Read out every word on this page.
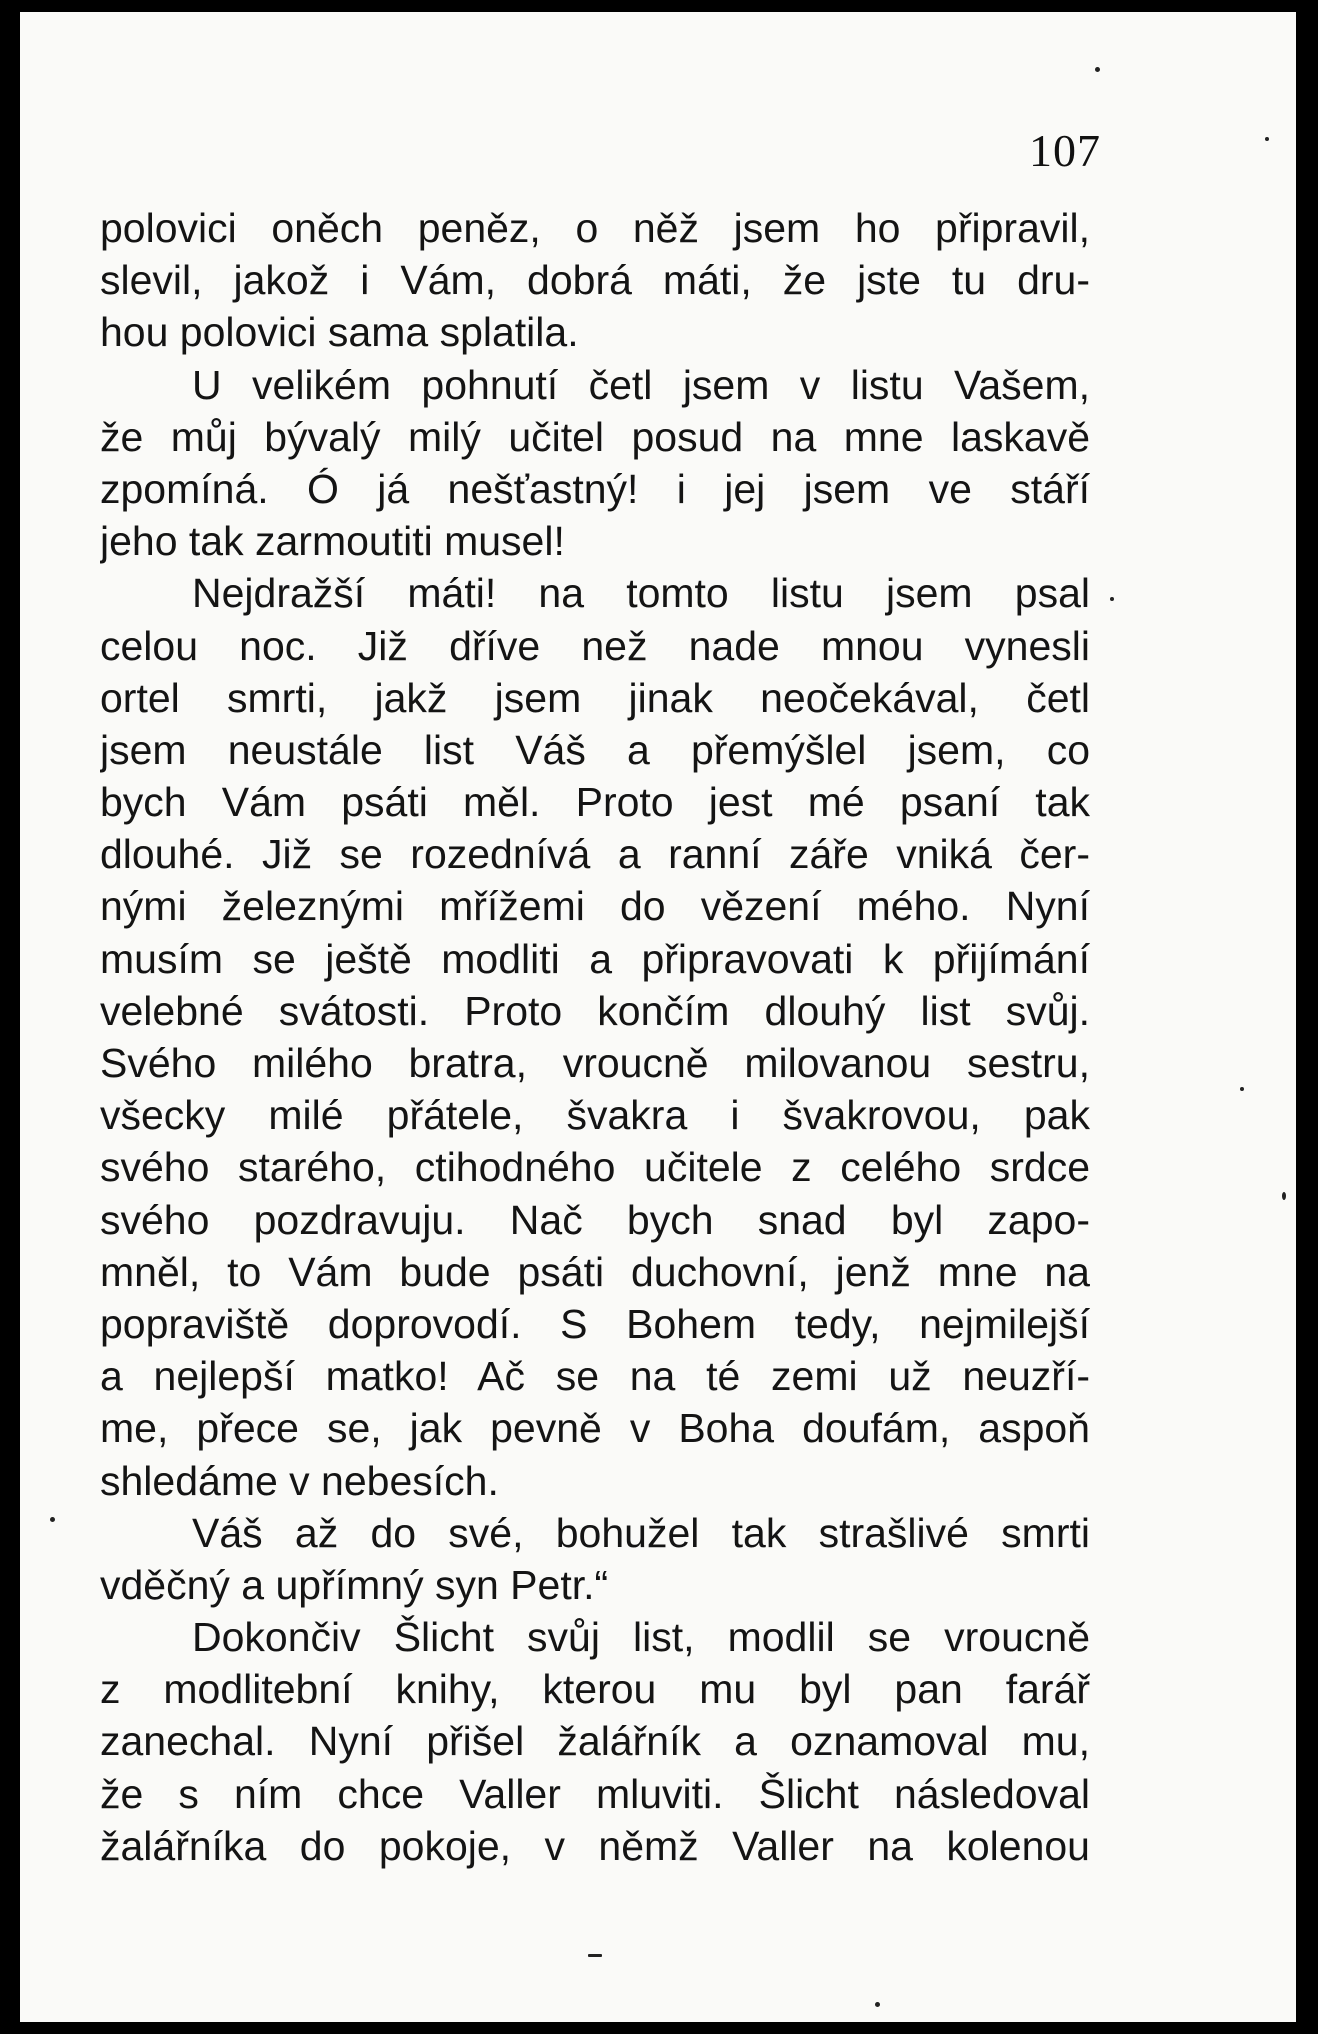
107
polovici oněch peněz, o něž jsem ho připravil,
slevil, jakož i Vám, dobrá máti, že jste tu dru-
hou polovici sama splatila.
U velikém pohnutí četl jsem v listu Vašem,
že můj bývalý milý učitel posud na mne laskavě
zpomíná. Ó já nešťastný! i jej jsem ve stáří
jeho tak zarmoutiti musel!
Nejdražší máti! na tomto listu jsem psal
celou noc. Již dříve než nade mnou vynesli
ortel smrti, jakž jsem jinak neočekával, četl
jsem neustále list Váš a přemýšlel jsem, co
bych Vám psáti měl. Proto jest mé psaní tak
dlouhé. Již se rozednívá a ranní záře vniká čer-
nými železnými mřížemi do vězení mého. Nyní
musím se ještě modliti a připravovati k přijímání
velebné svátosti. Proto končím dlouhý list svůj.
Svého milého bratra, vroucně milovanou sestru,
všecky milé přátele, švakra i švakrovou, pak
svého starého, ctihodného učitele z celého srdce
svého pozdravuju. Nač bych snad byl zapo-
mněl, to Vám bude psáti duchovní, jenž mne na
popraviště doprovodí. S Bohem tedy, nejmilejší
a nejlepší matko! Ač se na té zemi už neuzří-
me, přece se, jak pevně v Boha doufám, aspoň
shledáme v nebesích.
Váš až do své, bohužel tak strašlivé smrti
vděčný a upřímný syn Petr.“
Dokončiv Šlicht svůj list, modlil se vroucně
z modlitební knihy, kterou mu byl pan farář
zanechal. Nyní přišel žalářník a oznamoval mu,
že s ním chce Valler mluviti. Šlicht následoval
žalářníka do pokoje, v němž Valler na kolenou
